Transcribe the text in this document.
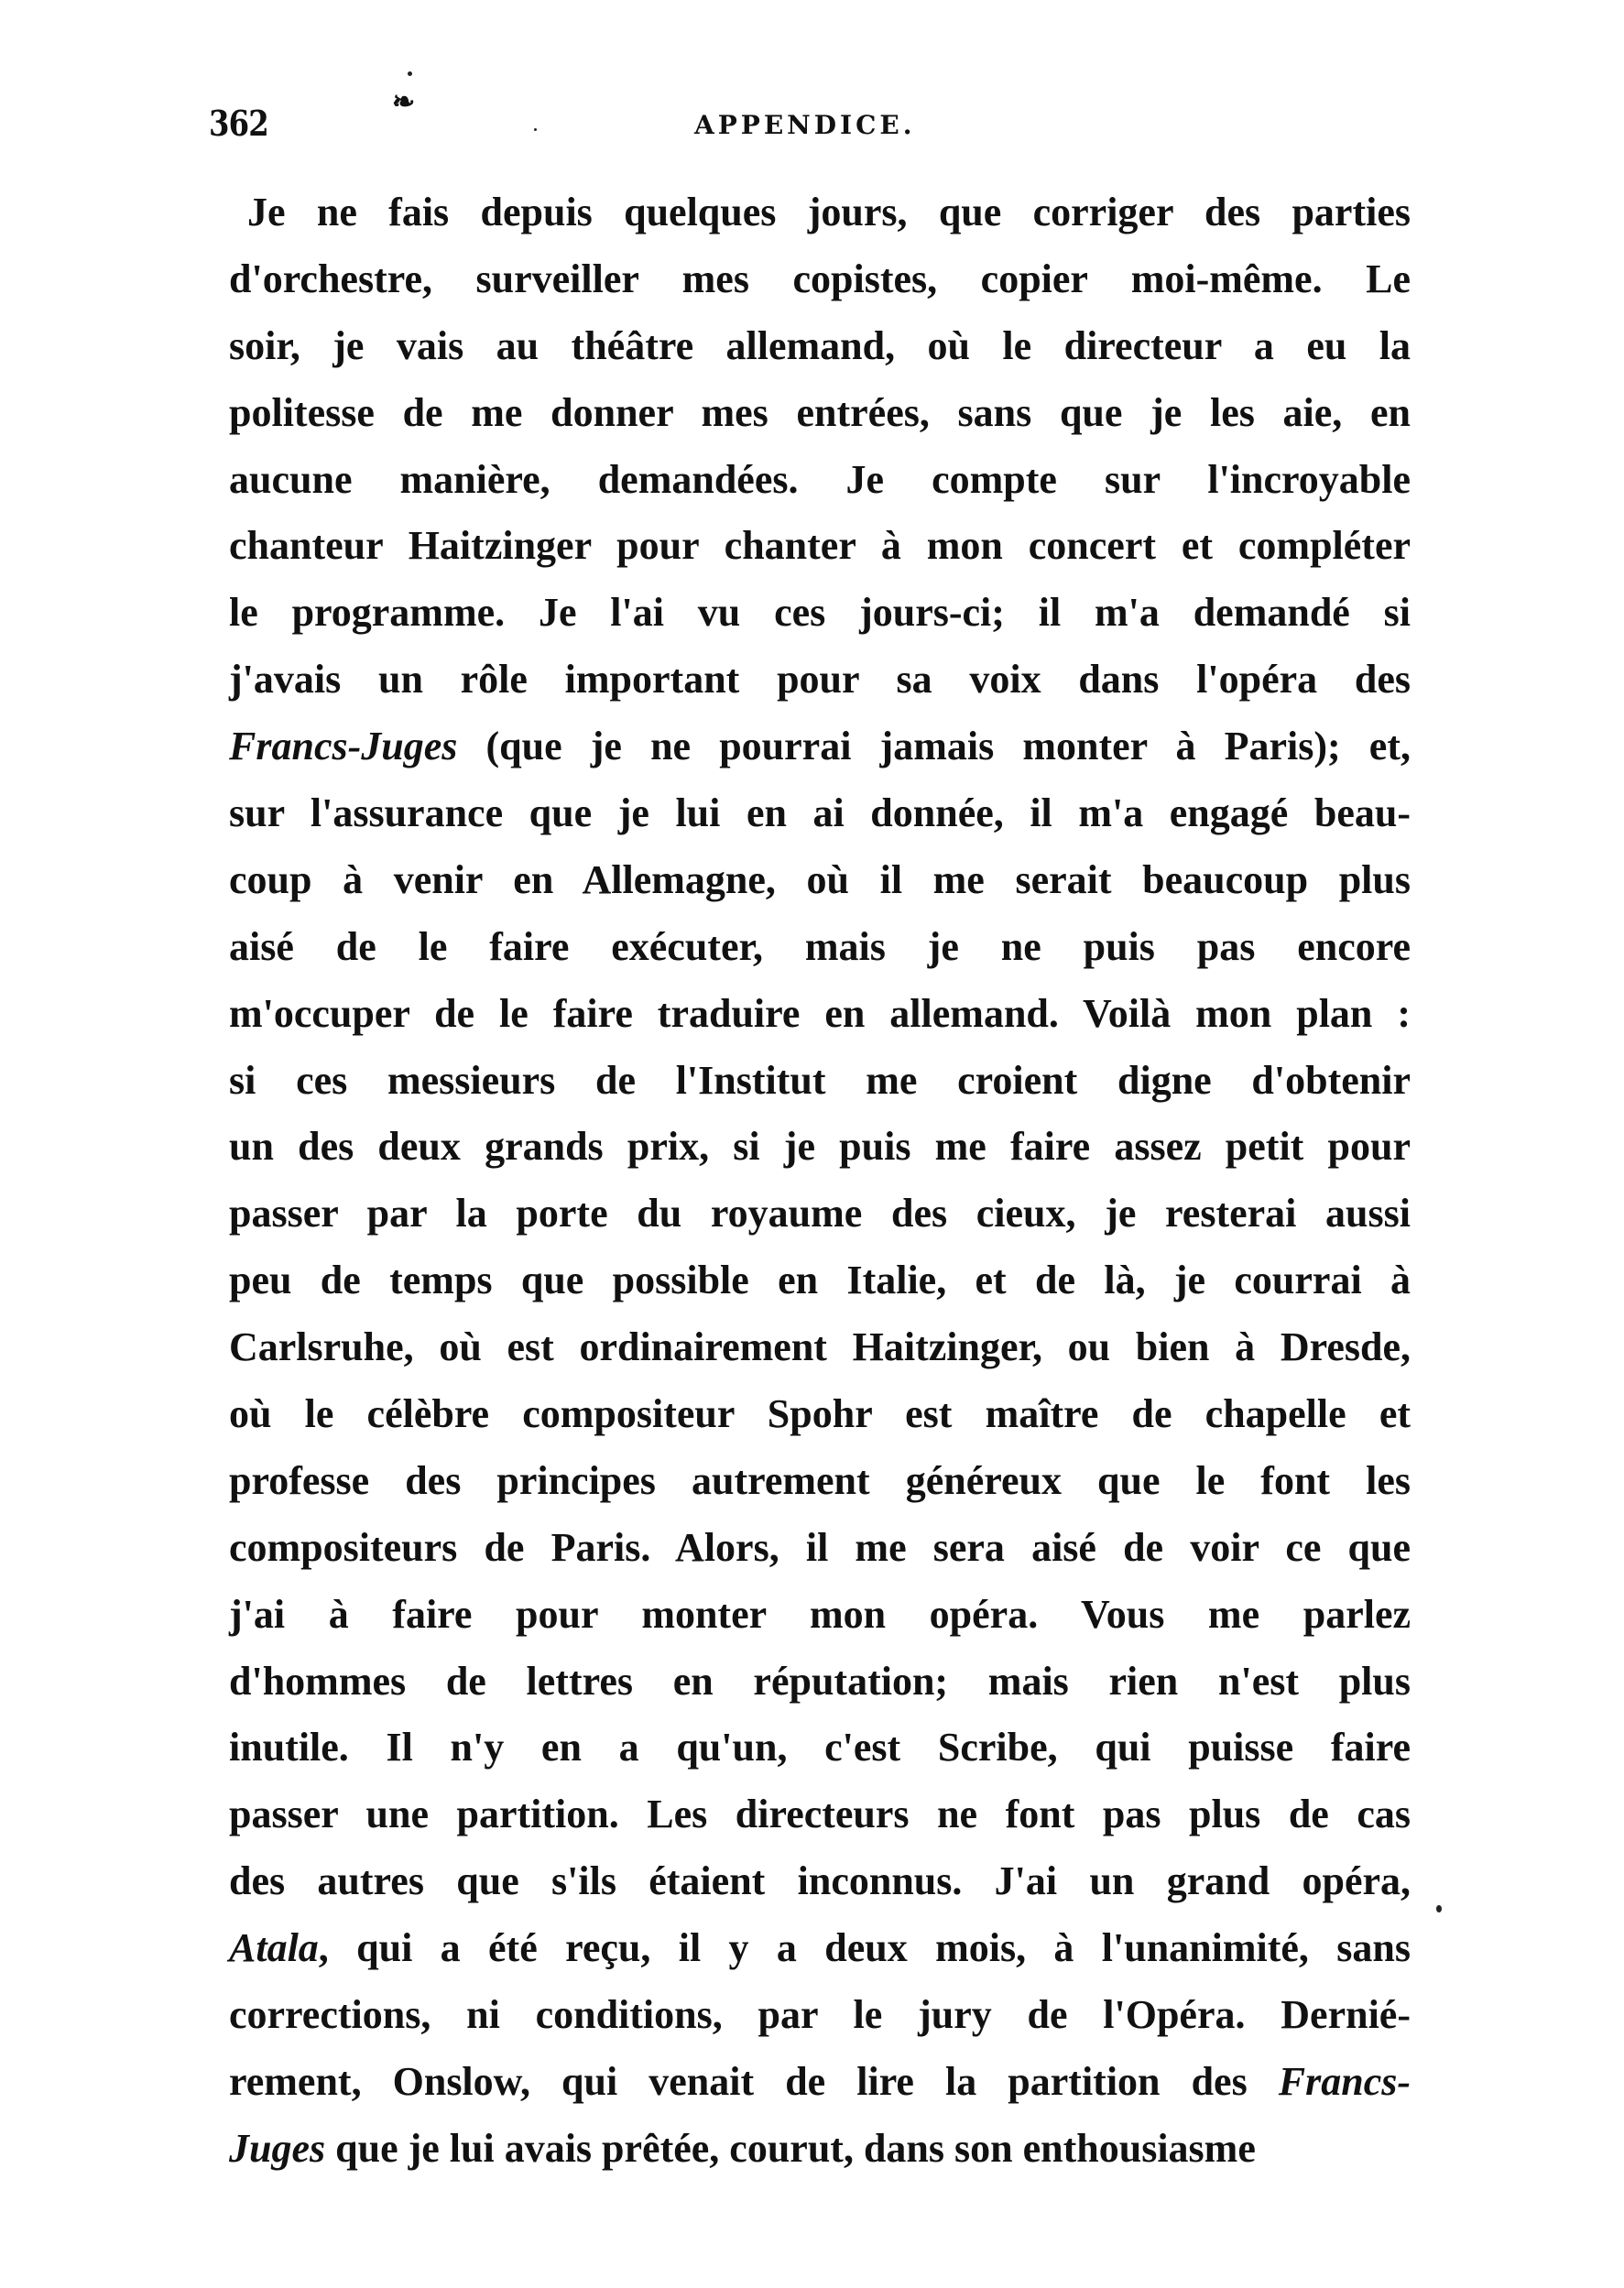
362
❧
APPENDICE.
Je ne fais depuis quelques jours, que corriger des parties
d'orchestre, surveiller mes copistes, copier moi-même. Le
soir, je vais au théâtre allemand, où le directeur a eu la
politesse de me donner mes entrées, sans que je les aie, en
aucune manière, demandées. Je compte sur l'incroyable
chanteur Haitzinger pour chanter à mon concert et compléter
le programme. Je l'ai vu ces jours-ci; il m'a demandé si
j'avais un rôle important pour sa voix dans l'opéra des
Francs-Juges (que je ne pourrai jamais monter à Paris); et,
sur l'assurance que je lui en ai donnée, il m'a engagé beau-
coup à venir en Allemagne, où il me serait beaucoup plus
aisé de le faire exécuter, mais je ne puis pas encore
m'occuper de le faire traduire en allemand. Voilà mon plan :
si ces messieurs de l'Institut me croient digne d'obtenir
un des deux grands prix, si je puis me faire assez petit pour
passer par la porte du royaume des cieux, je resterai aussi
peu de temps que possible en Italie, et de là, je courrai à
Carlsruhe, où est ordinairement Haitzinger, ou bien à Dresde,
où le célèbre compositeur Spohr est maître de chapelle et
professe des principes autrement généreux que le font les
compositeurs de Paris. Alors, il me sera aisé de voir ce que
j'ai à faire pour monter mon opéra. Vous me parlez
d'hommes de lettres en réputation; mais rien n'est plus
inutile. Il n'y en a qu'un, c'est Scribe, qui puisse faire
passer une partition. Les directeurs ne font pas plus de cas
des autres que s'ils étaient inconnus. J'ai un grand opéra,
Atala, qui a été reçu, il y a deux mois, à l'unanimité, sans
corrections, ni conditions, par le jury de l'Opéra. Dernié-
rement, Onslow, qui venait de lire la partition des Francs-
Juges que je lui avais prêtée, courut, dans son enthousiasme
